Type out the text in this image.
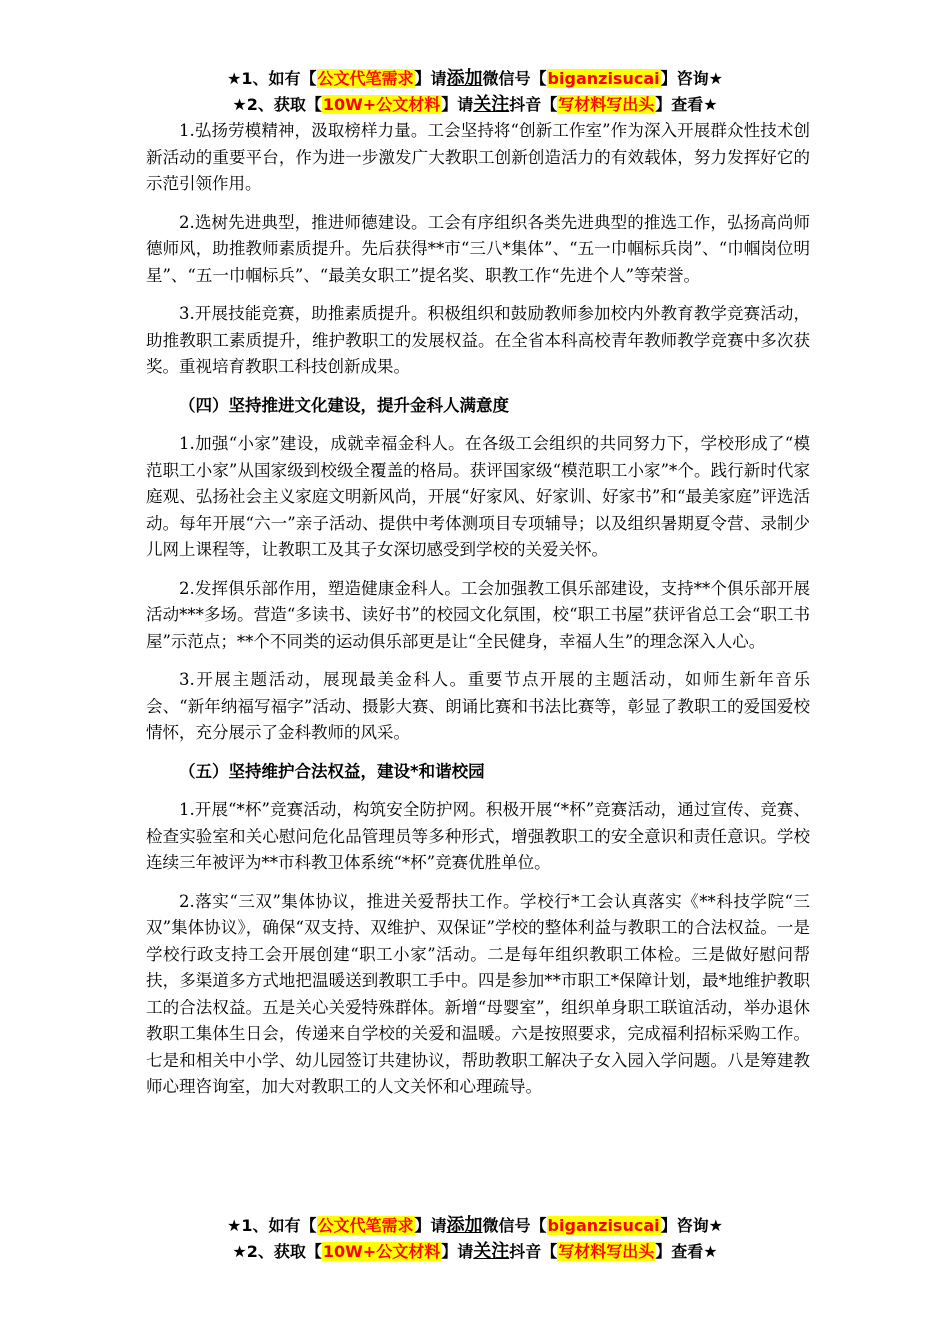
★1、如有【公文代笔需求】请添加微信号【biganzisucai】咨询★
★2、获取【10W+公文材料】请关注抖音【写材料写出头】查看★

1.弘扬劳模精神，汲取榜样力量。工会坚持将“创新工作室”作为深入开展群众性技术创新活动的重要平台，作为进一步激发广大教职工创新创造活力的有效载体，努力发挥好它的示范引领作用。

2.选树先进典型，推进师德建设。工会有序组织各类先进典型的推选工作，弘扬高尚师德师风，助推教师素质提升。先后获得**市“三八*集体”、“五一巾帼标兵岗”、“巾帼岗位明星”、“五一巾帼标兵”、“最美女职工”提名奖、职教工作“先进个人”等荣誉。

3.开展技能竞赛，助推素质提升。积极组织和鼓励教师参加校内外教育教学竞赛活动，助推教职工素质提升，维护教职工的发展权益。在全省本科高校青年教师教学竞赛中多次获奖。重视培育教职工科技创新成果。

（四）坚持推进文化建设，提升金科人满意度

1.加强“小家”建设，成就幸福金科人。在各级工会组织的共同努力下，学校形成了“模范职工小家”从国家级到校级全覆盖的格局。获评国家级“模范职工小家”*个。践行新时代家庭观、弘扬社会主义家庭文明新风尚，开展“好家风、好家训、好家书”和“最美家庭”评选活动。每年开展“六一”亲子活动、提供中考体测项目专项辅导；以及组织暑期夏令营、录制少儿网上课程等，让教职工及其子女深切感受到学校的关爱关怀。

2.发挥俱乐部作用，塑造健康金科人。工会加强教工俱乐部建设，支持**个俱乐部开展活动***多场。营造“多读书、读好书”的校园文化氛围，校“职工书屋”获评省总工会“职工书屋”示范点；**个不同类的运动俱乐部更是让“全民健身，幸福人生”的理念深入人心。

3.开展主题活动，展现最美金科人。重要节点开展的主题活动，如师生新年音乐会、“新年纳福写福字”活动、摄影大赛、朗诵比赛和书法比赛等，彰显了教职工的爱国爱校情怀，充分展示了金科教师的风采。

（五）坚持维护合法权益，建设*和谐校园

1.开展“*杯”竞赛活动，构筑安全防护网。积极开展“*杯”竞赛活动，通过宣传、竞赛、检查实验室和关心慰问危化品管理员等多种形式，增强教职工的安全意识和责任意识。学校连续三年被评为**市科教卫体系统“*杯”竞赛优胜单位。

2.落实“三双”集体协议，推进关爱帮扶工作。学校行*工会认真落实《**科技学院“三双”集体协议》，确保“双支持、双维护、双保证”学校的整体利益与教职工的合法权益。一是学校行政支持工会开展创建“职工小家”活动。二是每年组织教职工体检。三是做好慰问帮扶，多渠道多方式地把温暖送到教职工手中。四是参加**市职工*保障计划，最*地维护教职工的合法权益。五是关心关爱特殊群体。新增“母婴室”，组织单身职工联谊活动，举办退休教职工集体生日会，传递来自学校的关爱和温暖。六是按照要求，完成福利招标采购工作。七是和相关中小学、幼儿园签订共建协议，帮助教职工解决子女入园入学问题。八是筹建教师心理咨询室，加大对教职工的人文关怀和心理疏导。

★1、如有【公文代笔需求】请添加微信号【biganzisucai】咨询★
★2、获取【10W+公文材料】请关注抖音【写材料写出头】查看★
